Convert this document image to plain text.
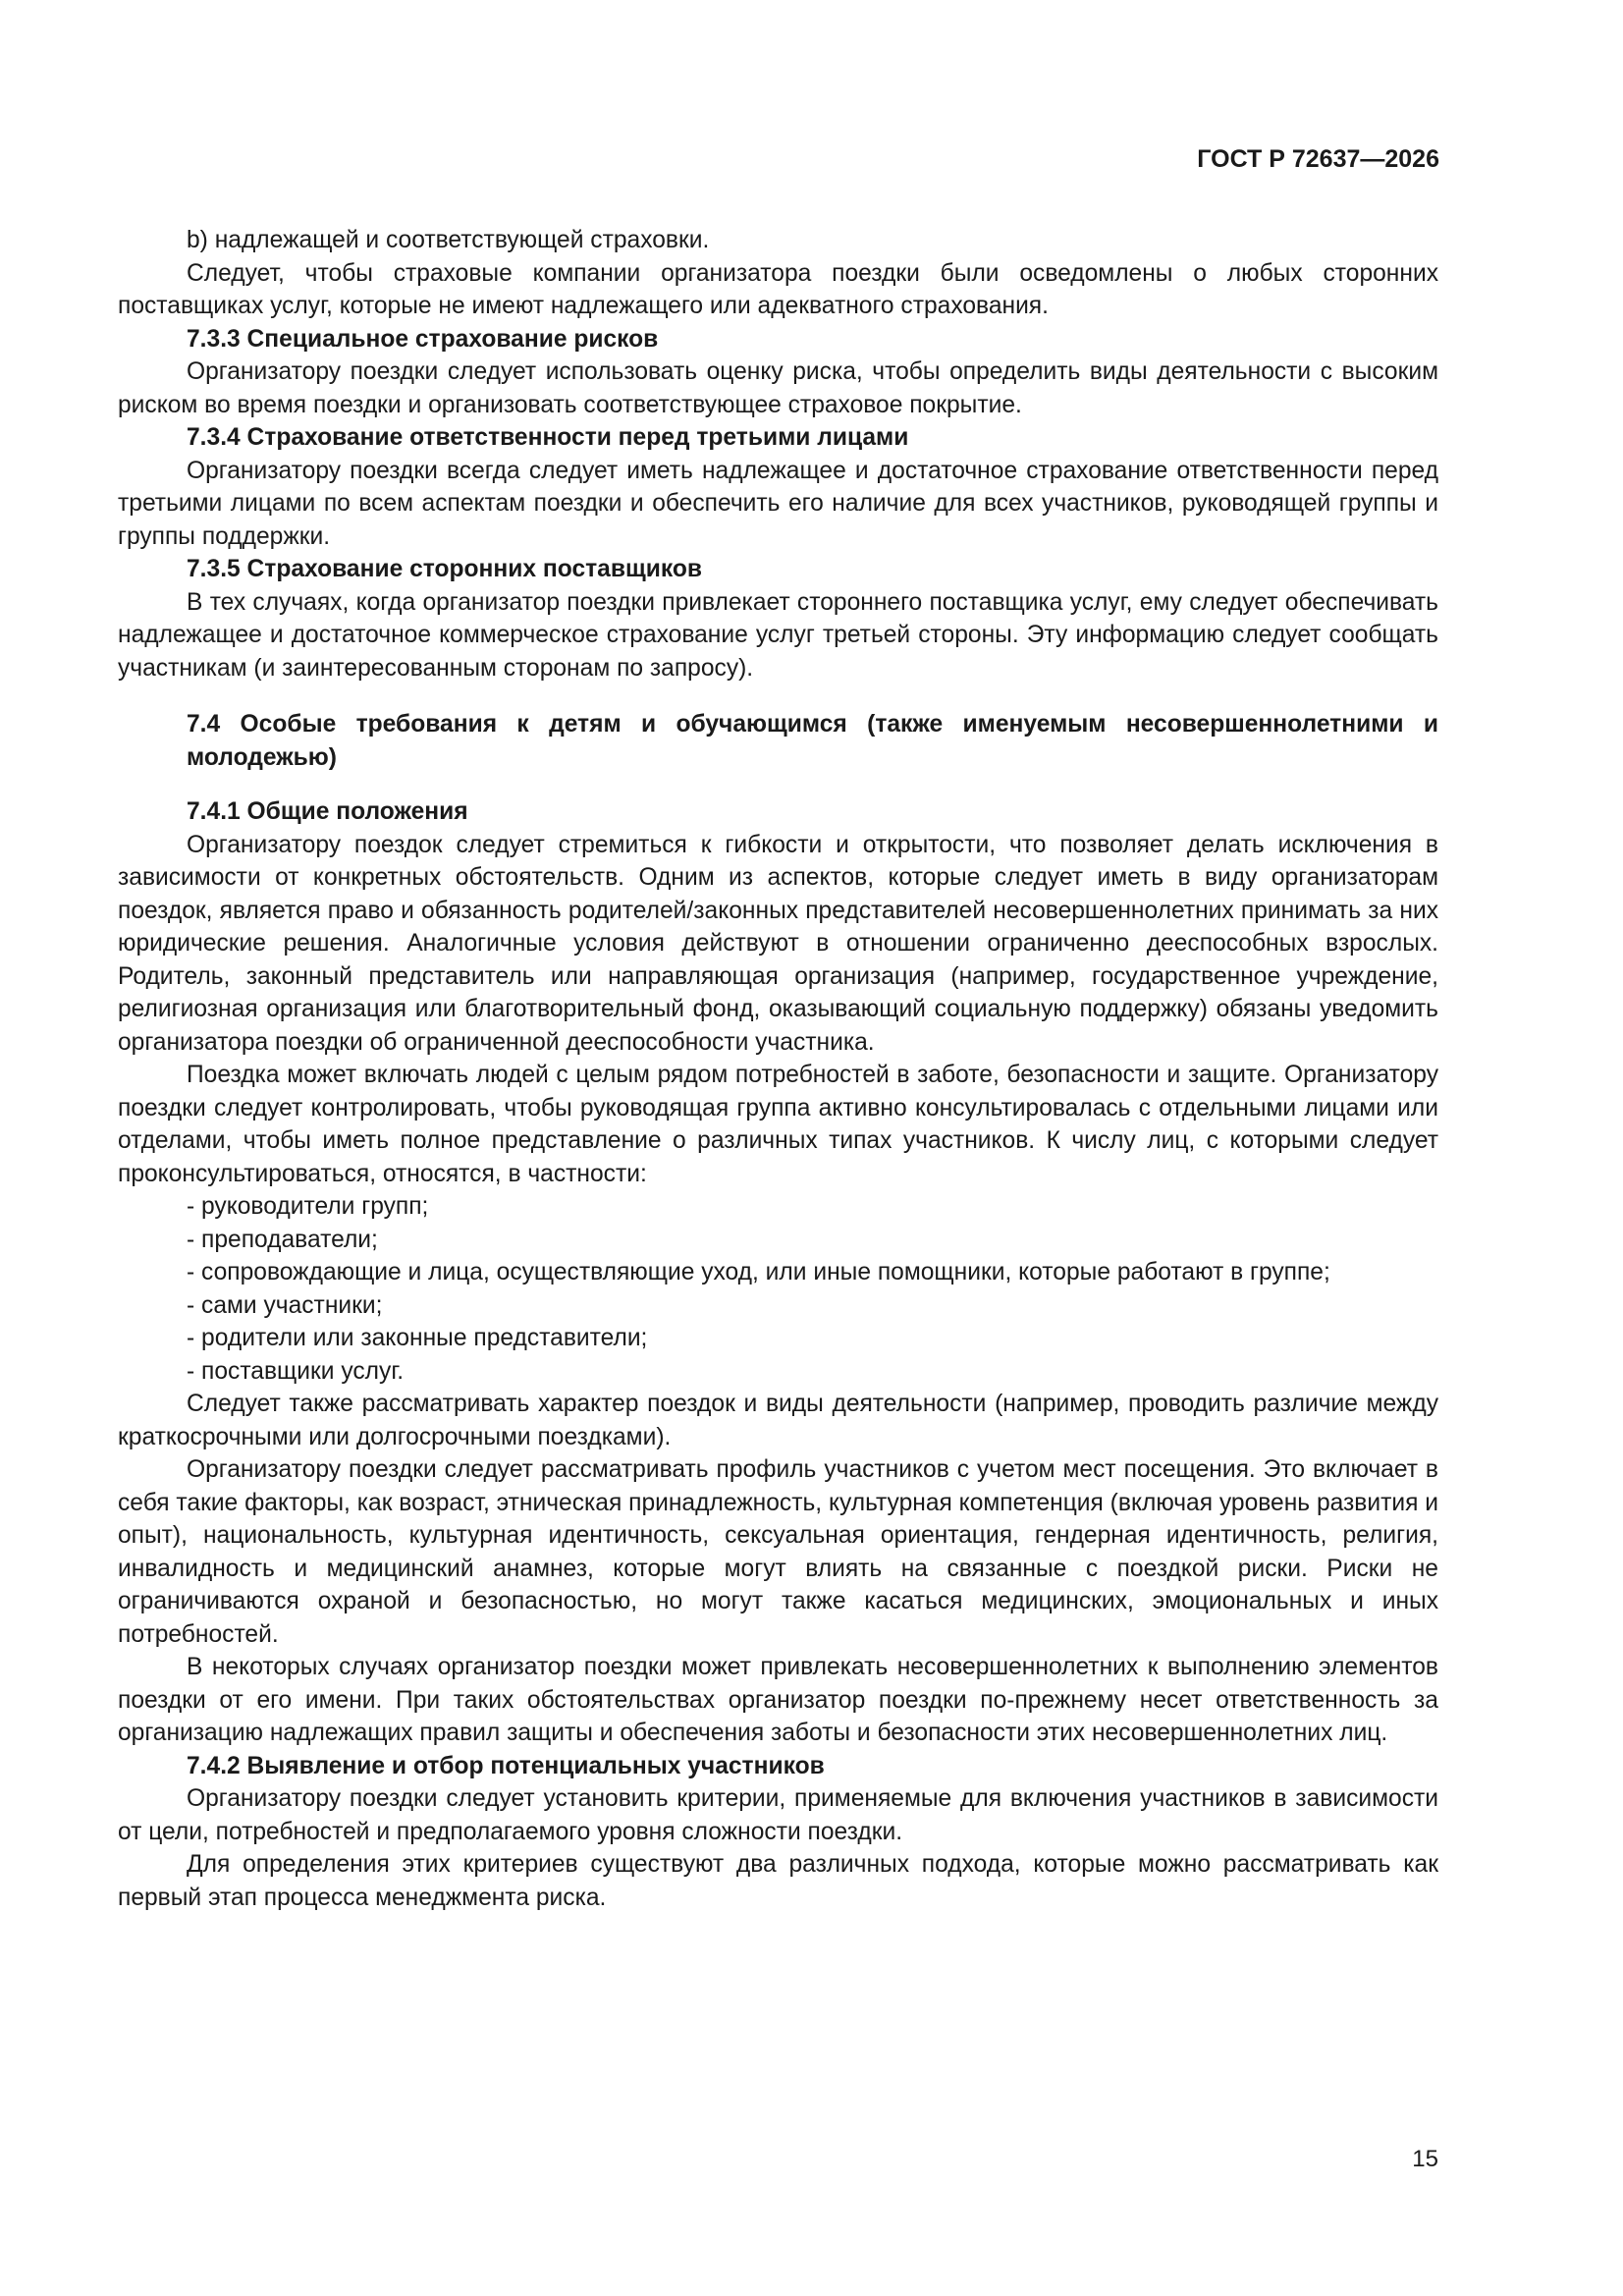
ГОСТ Р 72637—2026

b) надлежащей и соответствующей страховки.

Следует, чтобы страховые компании организатора поездки были осведомлены о любых сторонних поставщиках услуг, которые не имеют надлежащего или адекватного страхования.

7.3.3 Специальное страхование рисков

Организатору поездки следует использовать оценку риска, чтобы определить виды деятельности с высоким риском во время поездки и организовать соответствующее страховое покрытие.

7.3.4 Страхование ответственности перед третьими лицами

Организатору поездки всегда следует иметь надлежащее и достаточное страхование ответственности перед третьими лицами по всем аспектам поездки и обеспечить его наличие для всех участников, руководящей группы и группы поддержки.

7.3.5 Страхование сторонних поставщиков

В тех случаях, когда организатор поездки привлекает стороннего поставщика услуг, ему следует обеспечивать надлежащее и достаточное коммерческое страхование услуг третьей стороны. Эту информацию следует сообщать участникам (и заинтересованным сторонам по запросу).

7.4 Особые требования к детям и обучающимся (также именуемым несовершеннолетними и молодежью)

7.4.1 Общие положения

Организатору поездок следует стремиться к гибкости и открытости, что позволяет делать исключения в зависимости от конкретных обстоятельств. Одним из аспектов, которые следует иметь в виду организаторам поездок, является право и обязанность родителей/законных представителей несовершеннолетних принимать за них юридические решения. Аналогичные условия действуют в отношении ограниченно дееспособных взрослых. Родитель, законный представитель или направляющая организация (например, государственное учреждение, религиозная организация или благотворительный фонд, оказывающий социальную поддержку) обязаны уведомить организатора поездки об ограниченной дееспособности участника.

Поездка может включать людей с целым рядом потребностей в заботе, безопасности и защите. Организатору поездки следует контролировать, чтобы руководящая группа активно консультировалась с отдельными лицами или отделами, чтобы иметь полное представление о различных типах участников. К числу лиц, с которыми следует проконсультироваться, относятся, в частности:

- руководители групп;

- преподаватели;

- сопровождающие и лица, осуществляющие уход, или иные помощники, которые работают в группе;

- сами участники;

- родители или законные представители;

- поставщики услуг.

Следует также рассматривать характер поездок и виды деятельности (например, проводить различие между краткосрочными или долгосрочными поездками).

Организатору поездки следует рассматривать профиль участников с учетом мест посещения. Это включает в себя такие факторы, как возраст, этническая принадлежность, культурная компетенция (включая уровень развития и опыт), национальность, культурная идентичность, сексуальная ориентация, гендерная идентичность, религия, инвалидность и медицинский анамнез, которые могут влиять на связанные с поездкой риски. Риски не ограничиваются охраной и безопасностью, но могут также касаться медицинских, эмоциональных и иных потребностей.

В некоторых случаях организатор поездки может привлекать несовершеннолетних к выполнению элементов поездки от его имени. При таких обстоятельствах организатор поездки по-прежнему несет ответственность за организацию надлежащих правил защиты и обеспечения заботы и безопасности этих несовершеннолетних лиц.

7.4.2 Выявление и отбор потенциальных участников

Организатору поездки следует установить критерии, применяемые для включения участников в зависимости от цели, потребностей и предполагаемого уровня сложности поездки.

Для определения этих критериев существуют два различных подхода, которые можно рассматривать как первый этап процесса менеджмента риска.

15
